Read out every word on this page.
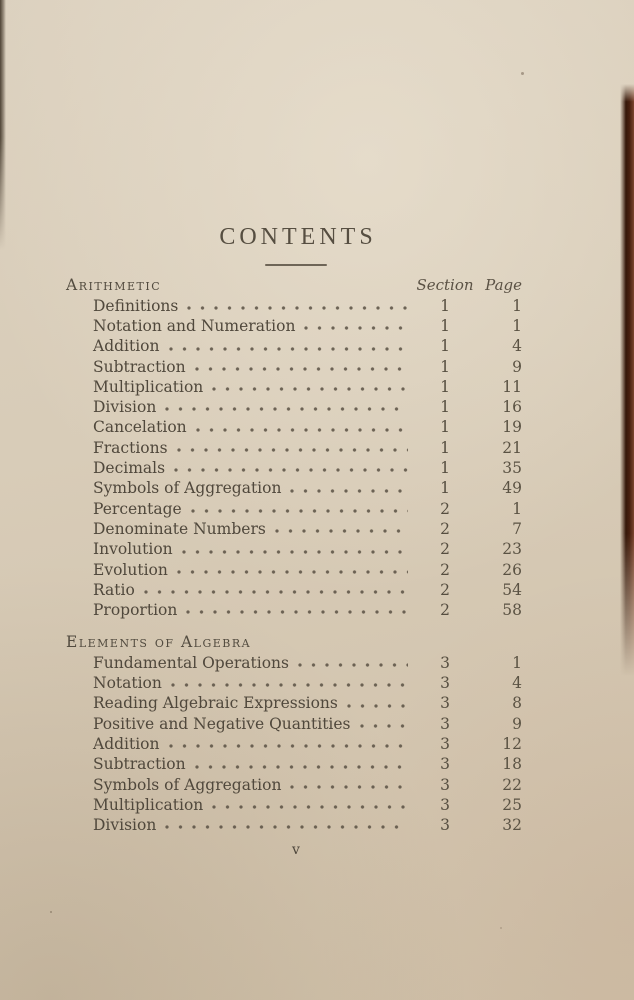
CONTENTS
Arithmetic	Section Page
Definitions	1	1
Notation and Numeration	1	1
Addition	1	4
Subtraction	1	9
Multiplication	1	11
Division	1	16
Cancelation	1	19
Fractions	1	21
Decimals	1	35
Symbols of Aggregation	1	49
Percentage	2	1
Denominate Numbers	2	7
Involution	2	23
Evolution	2	26
Ratio	2	54
Proportion	2	58
Elements of Algebra
Fundamental Operations	3	1
Notation	3	4
Reading Algebraic Expressions	3	8
Positive and Negative Quantities	3	9
Addition	3	12
Subtraction	3	18
Symbols of Aggregation	3	22
Multiplication	3	25
Division	3	32
v
